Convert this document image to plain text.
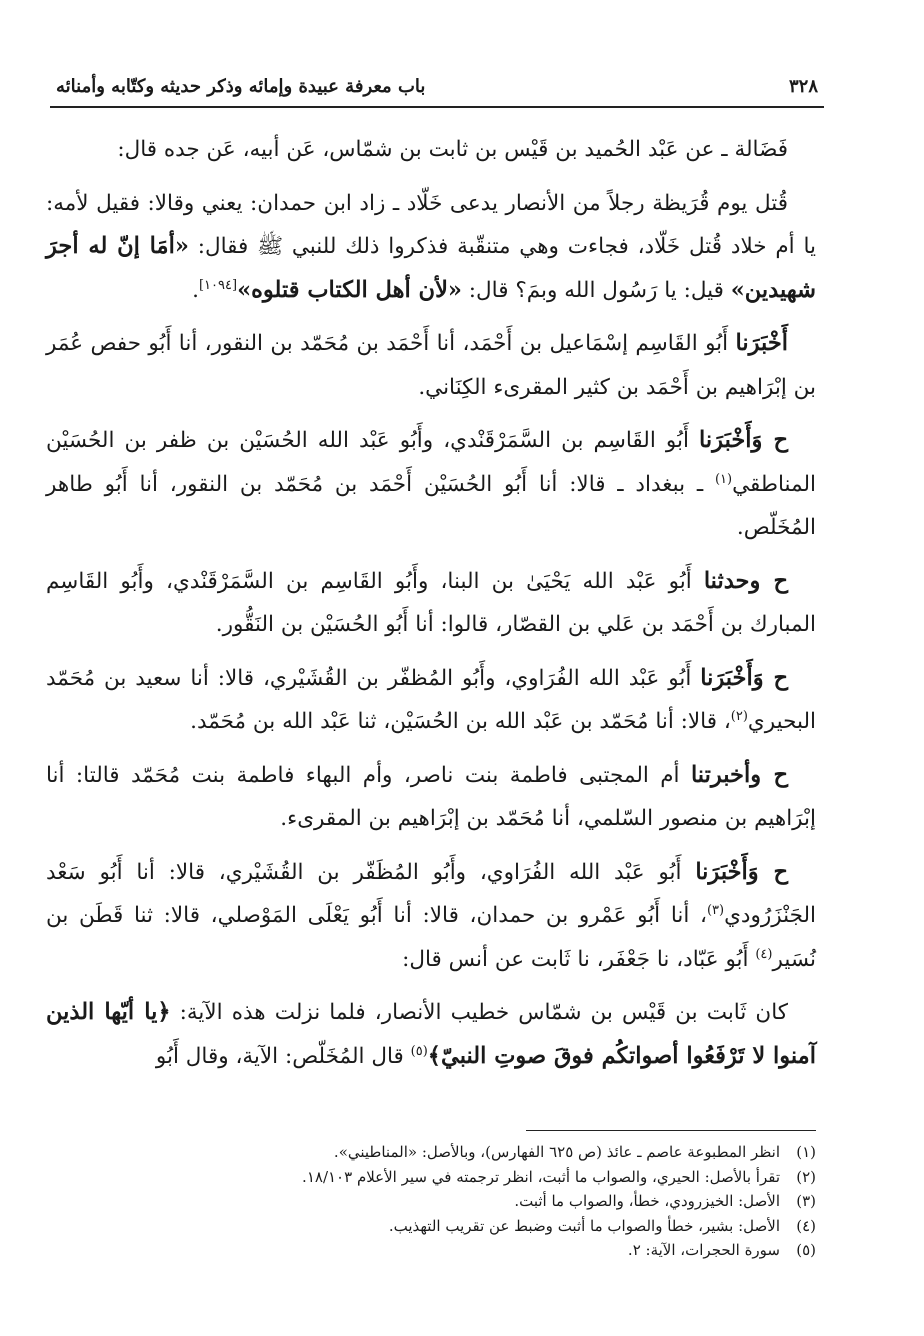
٣٢٨
باب معرفة عبيدة وإمائه وذكر حديثه وكتّابه وأمنائه

فَضَالة ـ عن عَبْد الحُميد بن قَيْس بن ثابت بن شمّاس، عَن أبيه، عَن جده قال:

قُتل يوم قُرَيظة رجلاً من الأنصار يدعى خَلّاد ـ زاد ابن حمدان: يعني وقالا: فقيل لأمه: يا أم خلاد قُتل خَلّاد، فجاءت وهي متنقّبة فذكروا ذلك للنبي ﷺ فقال: «أمَا إنّ له أجرَ شهيدين» قيل: يا رَسُول الله وبمَ؟ قال: «لأن أهل الكتاب قتلوه»[١٠٩٤].

أَخْبَرَنا أَبُو القَاسِم إسْمَاعيل بن أَحْمَد، أنا أَحْمَد بن مُحَمّد بن النقور، أنا أَبُو حفص عُمَر بن إبْرَاهيم بن أَحْمَد بن كثير المقرىء الكِنَاني.

ح وَأَخْبَرَنا أَبُو القَاسِم بن السَّمَرْقَنْدي، وأَبُو عَبْد الله الحُسَيْن بن ظفر بن الحُسَيْن المناطقي$^{(١)}$ ـ ببغداد ـ قالا: أنا أَبُو الحُسَيْن أَحْمَد بن مُحَمّد بن النقور، أنا أَبُو طاهر المُخَلّص.

ح وحدثنا أَبُو عَبْد الله يَحْيَىٰ بن البنا، وأَبُو القَاسِم بن السَّمَرْقَنْدي، وأَبُو القَاسِم المبارك بن أَحْمَد بن عَلي بن القصّار، قالوا: أنا أَبُو الحُسَيْن بن النَقُّور.

ح وَأَخْبَرَنا أَبُو عَبْد الله الفُرَاوي، وأَبُو المُظفّر بن القُشَيْري، قالا: أنا سعيد بن مُحَمّد البحيري$^{(٢)}$، قالا: أنا مُحَمّد بن عَبْد الله بن الحُسَيْن، ثنا عَبْد الله بن مُحَمّد.

ح وأخبرتنا أم المجتبى فاطمة بنت ناصر، وأم البهاء فاطمة بنت مُحَمّد قالتا: أنا إبْرَاهيم بن منصور السّلمي، أنا مُحَمّد بن إبْرَاهيم بن المقرىء.

ح وَأَخْبَرَنا أَبُو عَبْد الله الفُرَاوي، وأَبُو المُظَفّر بن القُشَيْري، قالا: أنا أَبُو سَعْد الجَنْزَرُودي$^{(٣)}$، أنا أَبُو عَمْرو بن حمدان، قالا: أنا أَبُو يَعْلَى المَوْصلي، قالا: ثنا قَطَن بن نُسَير$^{(٤)}$ أَبُو عَبّاد، نا جَعْفَر، نا ثَابت عن أنس قال:

كان ثَابت بن قَيْس بن شمّاس خطيب الأنصار، فلما نزلت هذه الآية: ﴿يا أيّها الذين آمنوا لا تَرْفَعُوا أصواتكُم فوقَ صوتِ النبيّ﴾$^{(٥)}$ قال المُخَلّص: الآية، وقال أَبُو

(١)
انظر المطبوعة عاصم ـ عائذ (ص ٦٢٥ الفهارس)، وبالأصل: «المناطيني».

(٢)
تقرأ بالأصل: الحيري، والصواب ما أثبت، انظر ترجمته في سير الأعلام ١٨/١٠٣.

(٣)
الأصل: الخيزرودي، خطأ، والصواب ما أثبت.

(٤)
الأصل: بشير، خطأ والصواب ما أثبت وضبط عن تقريب التهذيب.

(٥)
سورة الحجرات، الآية: ٢.
